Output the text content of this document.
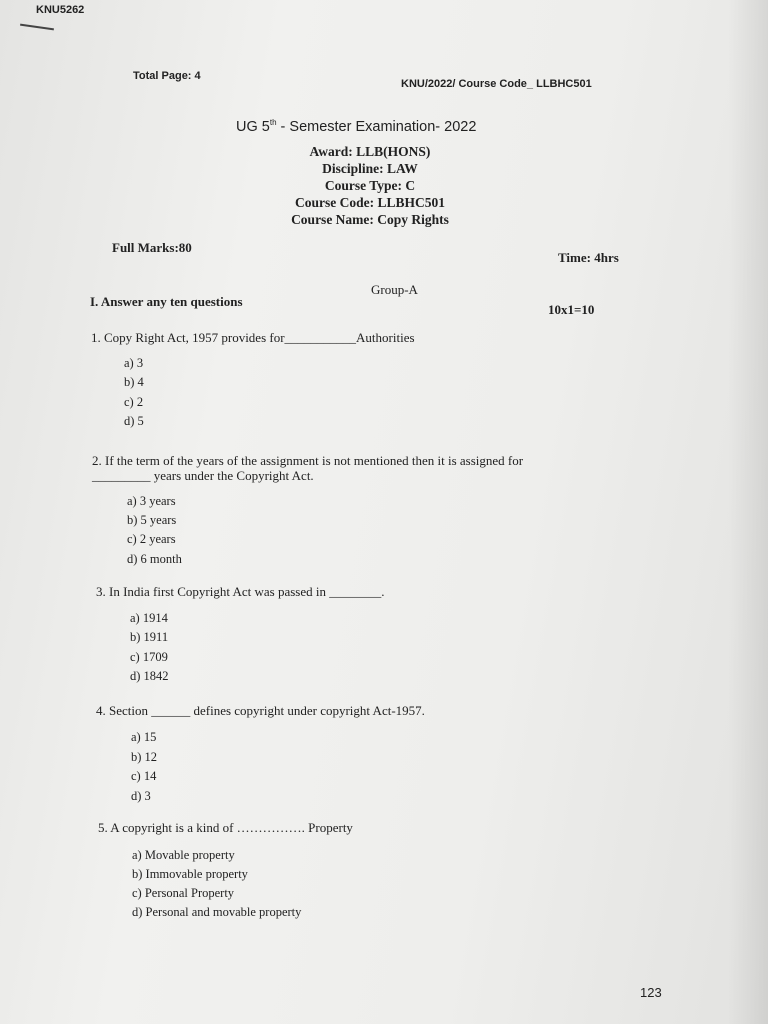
KNU5262
Total Page: 4
KNU/2022/ Course Code_ LLBHC501
UG 5th - Semester Examination- 2022
Award: LLB(HONS)
Discipline: LAW
Course Type: C
Course Code: LLBHC501
Course Name: Copy Rights
Full Marks:80
Time: 4hrs
Group-A
I. Answer any ten questions
10x1=10
1. Copy Right Act, 1957 provides for___________Authorities
a) 3
b) 4
c) 2
d) 5
2. If the term of the years of the assignment is not mentioned then it is assigned for
_________ years under the Copyright Act.
a) 3 years
b) 5 years
c) 2 years
d) 6 month
3. In India first Copyright Act was passed in ________.
a) 1914
b) 1911
c) 1709
d) 1842
4. Section ______ defines copyright under copyright Act-1957.
a) 15
b) 12
c) 14
d) 3
5. A copyright is a kind of ……………. Property
a) Movable property
b) Immovable property
c) Personal Property
d) Personal and movable property
123
